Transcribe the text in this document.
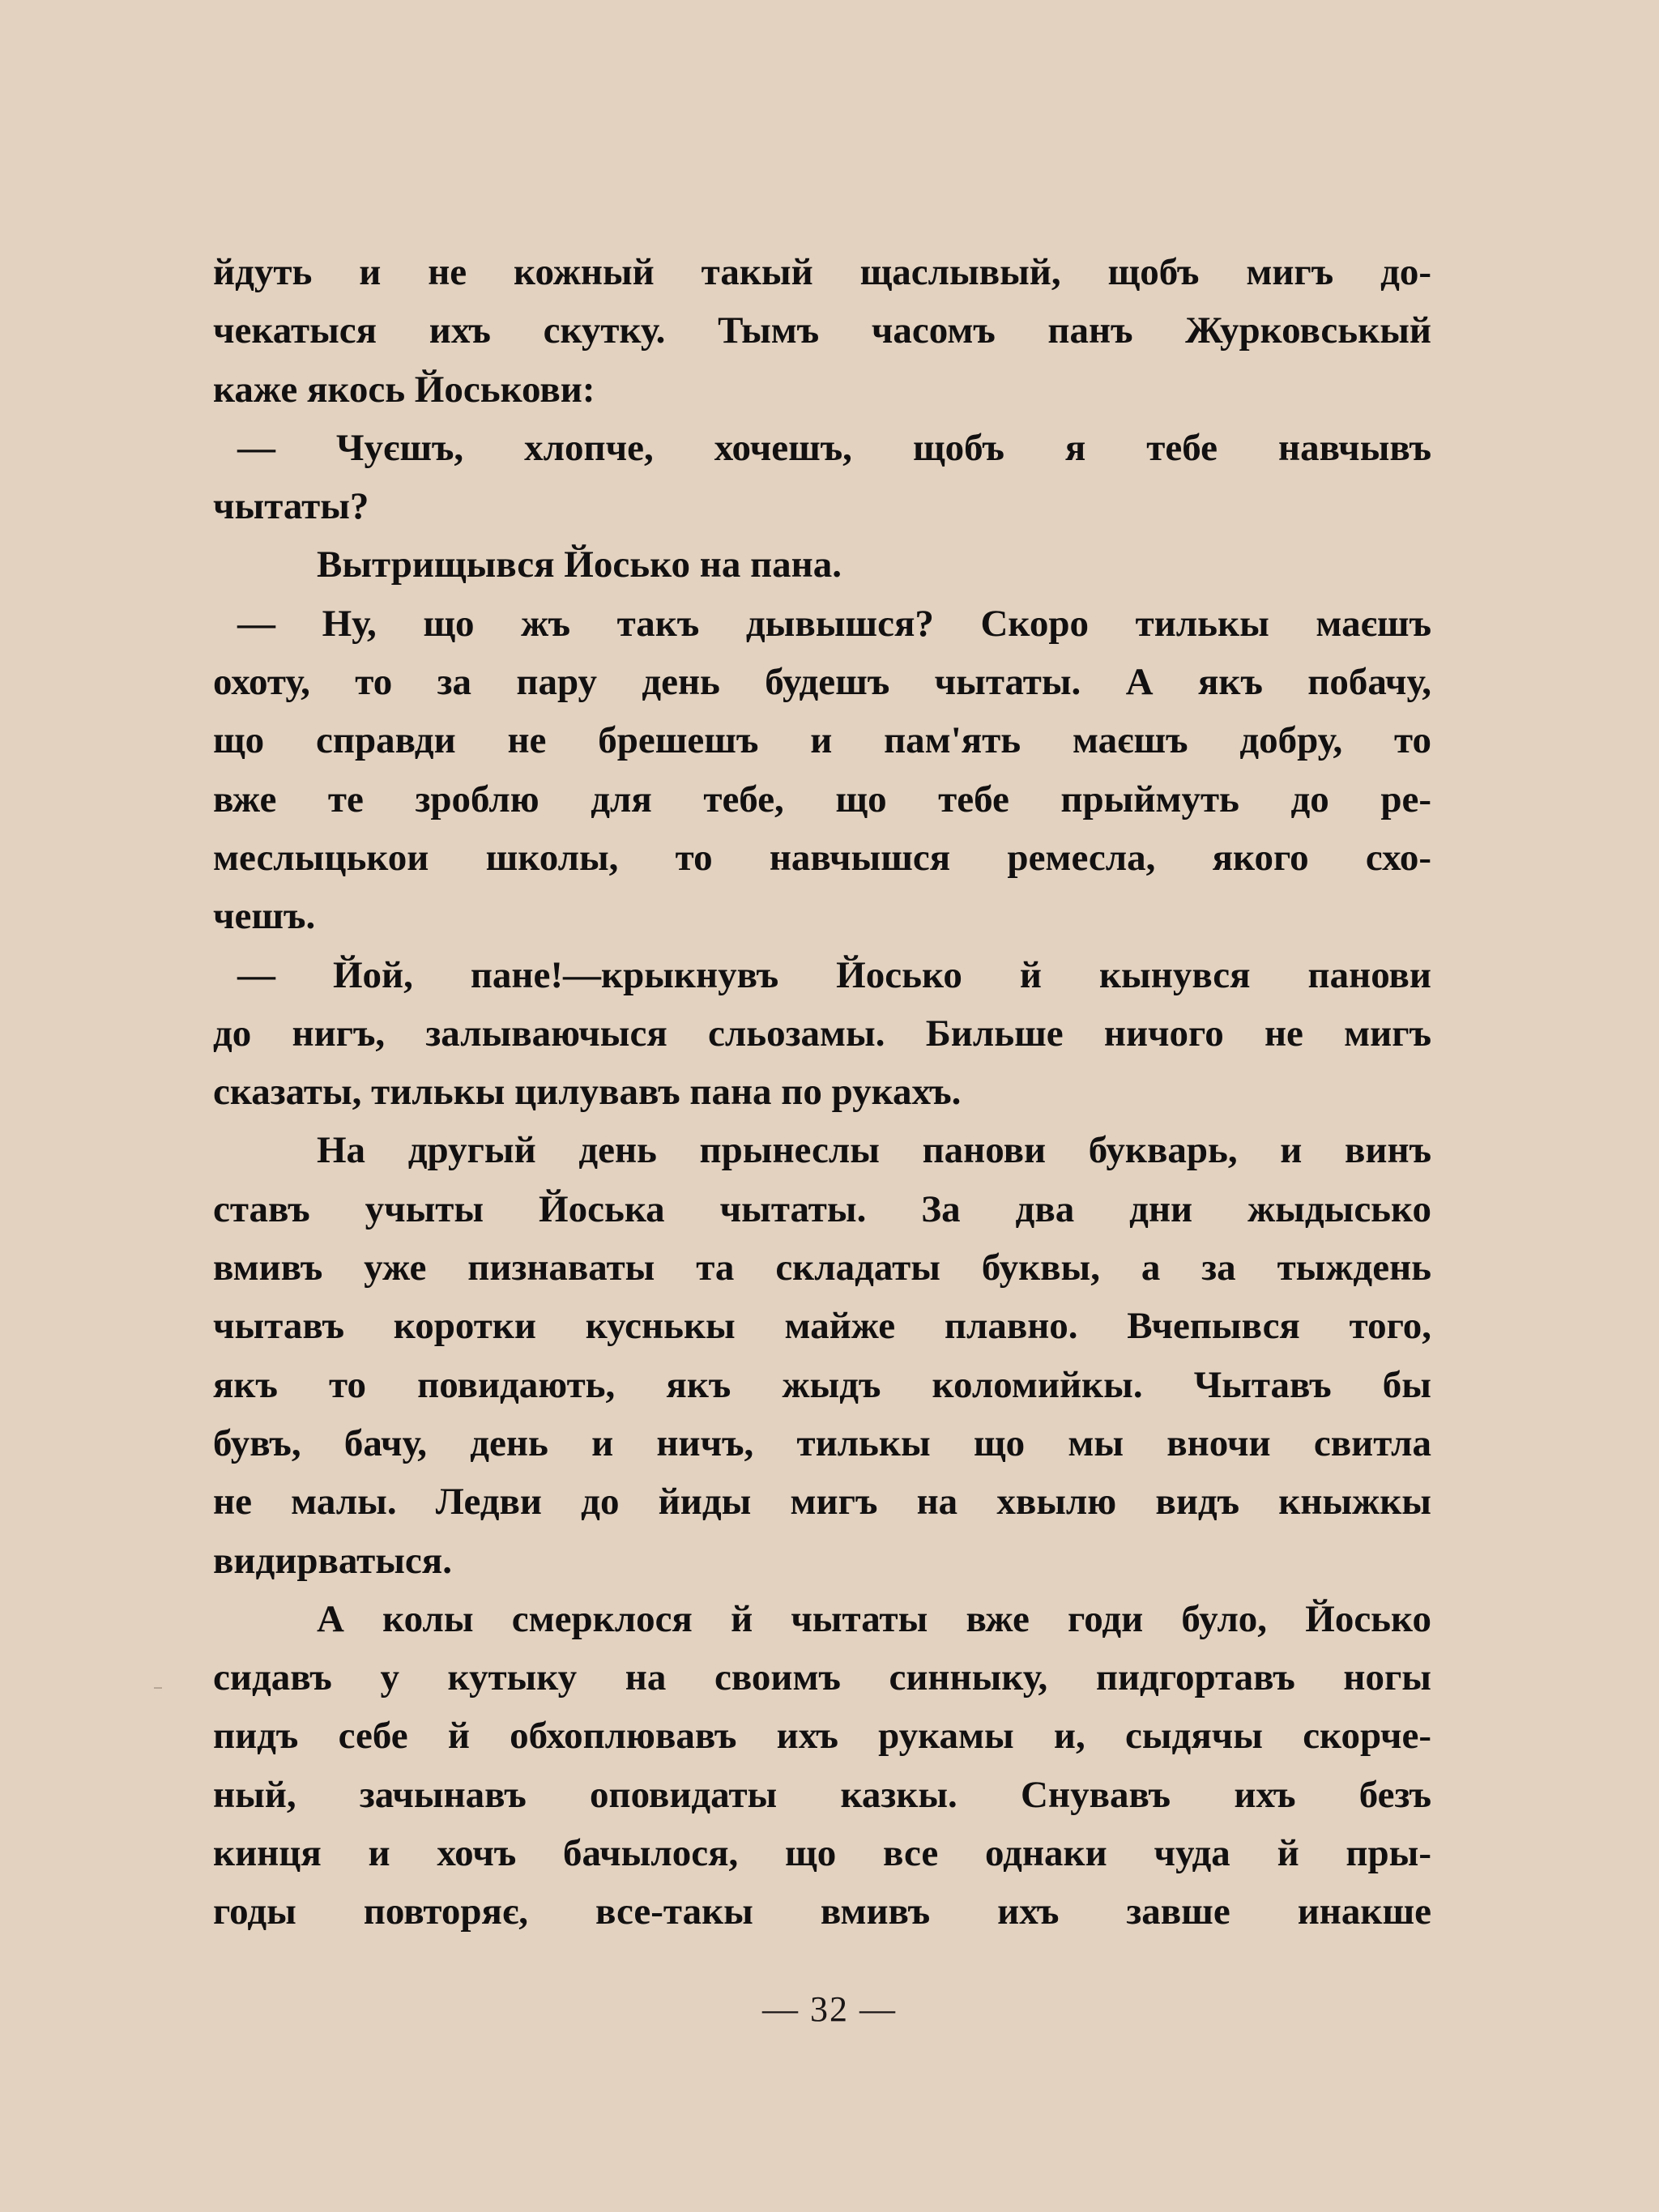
йдуть и не кожный такый щаслывый, щобъ мигъ до-
чекатыся ихъ скутку. Тымъ часомъ панъ Журковськый
каже якось Йоськови:
— Чуєшъ, хлопче, хочешъ, щобъ я тебе навчывъ
чытаты?
Вытрищывся Йосько на пана.
— Ну, що жъ такъ дывышся? Скоро тилькы маєшъ
охоту, то за пару день будешъ чытаты. А якъ побачу,
що справди не брешешъ и пам'ять маєшъ добру, то
вже те зроблю для тебе, що тебе прыймуть до ре-
меслыцькои школы, то навчышся ремесла, якого схо-
чешъ.
— Йой, пане!—крыкнувъ Йосько й кынувся панови
до нигъ, залываючыся сльозамы. Бильше ничого не мигъ
сказаты, тилькы цилувавъ пана по рукахъ.
На другый день прынеслы панови букварь, и винъ
ставъ учыты Йоська чытаты. За два дни жыдысько
вмивъ уже пизнаваты та складаты буквы, а за тыждень
чытавъ коротки куснькы майже плавно. Вчепывся того,
якъ то повидають, якъ жыдъ коломийкы. Чытавъ бы
бувъ, бачу, день и ничъ, тилькы що мы вночи свитла
не малы. Ледви до йиды мигъ на хвылю видъ кныжкы
видирватыся.
А колы смерклося й чытаты вже годи було, Йосько
сидавъ у кутыку на своимъ синныку, пидгортавъ ногы
пидъ себе й обхоплювавъ ихъ рукамы и, сыдячы скорче-
ный, зачынавъ оповидаты казкы. Снувавъ ихъ безъ
кинця и хочъ бачылося, що все однаки чуда й пры-
годы повторяє, все-такы вмивъ ихъ завше инакше
— 32 —
